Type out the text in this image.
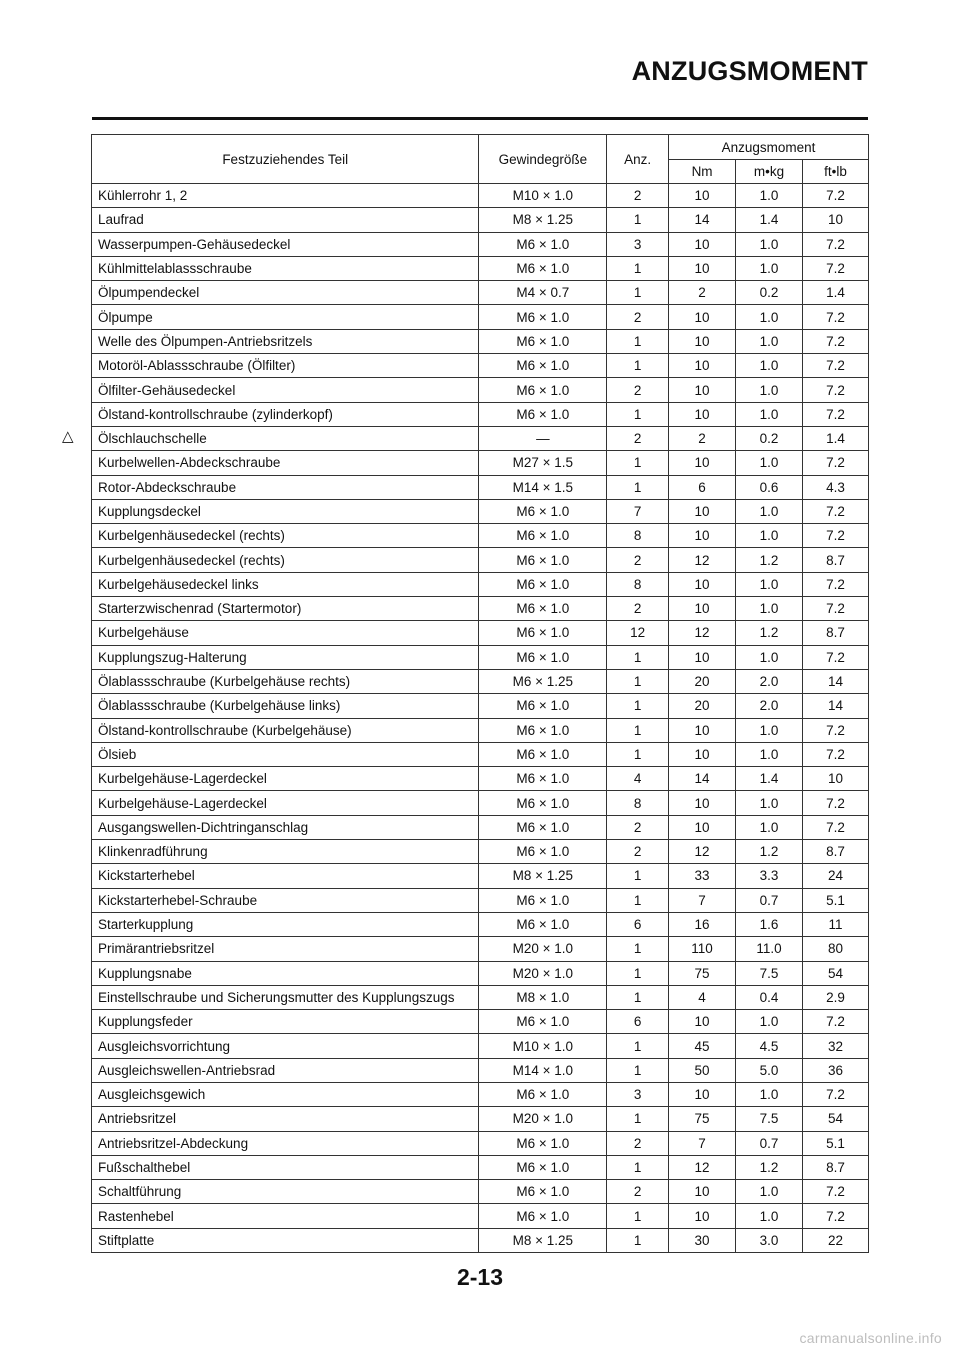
ANZUGSMOMENT
△
Festzuziehendes Teil	Gewindegröße	Anz.	Anzugsmoment		
			Nm	m•kg	ft•lb
Kühlerrohr 1, 2	M10 × 1.0	2	10	1.0	7.2
Laufrad	M8 × 1.25	1	14	1.4	10
Wasserpumpen-Gehäusedeckel	M6 × 1.0	3	10	1.0	7.2
Kühlmittelablassschraube	M6 × 1.0	1	10	1.0	7.2
Ölpumpendeckel	M4 × 0.7	1	2	0.2	1.4
Ölpumpe	M6 × 1.0	2	10	1.0	7.2
Welle des Ölpumpen-Antriebsritzels	M6 × 1.0	1	10	1.0	7.2
Motoröl-Ablassschraube (Ölfilter)	M6 × 1.0	1	10	1.0	7.2
Ölfilter-Gehäusedeckel	M6 × 1.0	2	10	1.0	7.2
Ölstand-kontrollschraube (zylinderkopf)	M6 × 1.0	1	10	1.0	7.2
Ölschlauchschelle	—	2	2	0.2	1.4
Kurbelwellen-Abdeckschraube	M27 × 1.5	1	10	1.0	7.2
Rotor-Abdeckschraube	M14 × 1.5	1	6	0.6	4.3
Kupplungsdeckel	M6 × 1.0	7	10	1.0	7.2
Kurbelgenhäusedeckel (rechts)	M6 × 1.0	8	10	1.0	7.2
Kurbelgenhäusedeckel (rechts)	M6 × 1.0	2	12	1.2	8.7
Kurbelgehäusedeckel links	M6 × 1.0	8	10	1.0	7.2
Starterzwischenrad (Startermotor)	M6 × 1.0	2	10	1.0	7.2
Kurbelgehäuse	M6 × 1.0	12	12	1.2	8.7
Kupplungszug-Halterung	M6 × 1.0	1	10	1.0	7.2
Ölablassschraube (Kurbelgehäuse rechts)	M6 × 1.25	1	20	2.0	14
Ölablassschraube (Kurbelgehäuse links)	M6 × 1.0	1	20	2.0	14
Ölstand-kontrollschraube (Kurbelgehäuse)	M6 × 1.0	1	10	1.0	7.2
Ölsieb	M6 × 1.0	1	10	1.0	7.2
Kurbelgehäuse-Lagerdeckel	M6 × 1.0	4	14	1.4	10
Kurbelgehäuse-Lagerdeckel	M6 × 1.0	8	10	1.0	7.2
Ausgangswellen-Dichtringanschlag	M6 × 1.0	2	10	1.0	7.2
Klinkenradführung	M6 × 1.0	2	12	1.2	8.7
Kickstarterhebel	M8 × 1.25	1	33	3.3	24
Kickstarterhebel-Schraube	M6 × 1.0	1	7	0.7	5.1
Starterkupplung	M6 × 1.0	6	16	1.6	11
Primärantriebsritzel	M20 × 1.0	1	110	11.0	80
Kupplungsnabe	M20 × 1.0	1	75	7.5	54
Einstellschraube und Sicherungsmutter des Kupplungszugs	M8 × 1.0	1	4	0.4	2.9
Kupplungsfeder	M6 × 1.0	6	10	1.0	7.2
Ausgleichsvorrichtung	M10 × 1.0	1	45	4.5	32
Ausgleichswellen-Antriebsrad	M14 × 1.0	1	50	5.0	36
Ausgleichsgewich	M6 × 1.0	3	10	1.0	7.2
Antriebsritzel	M20 × 1.0	1	75	7.5	54
Antriebsritzel-Abdeckung	M6 × 1.0	2	7	0.7	5.1
Fußschalthebel	M6 × 1.0	1	12	1.2	8.7
Schaltführung	M6 × 1.0	2	10	1.0	7.2
Rastenhebel	M6 × 1.0	1	10	1.0	7.2
Stiftplatte	M8 × 1.25	1	30	3.0	22
2-13
carmanualsonline.info
